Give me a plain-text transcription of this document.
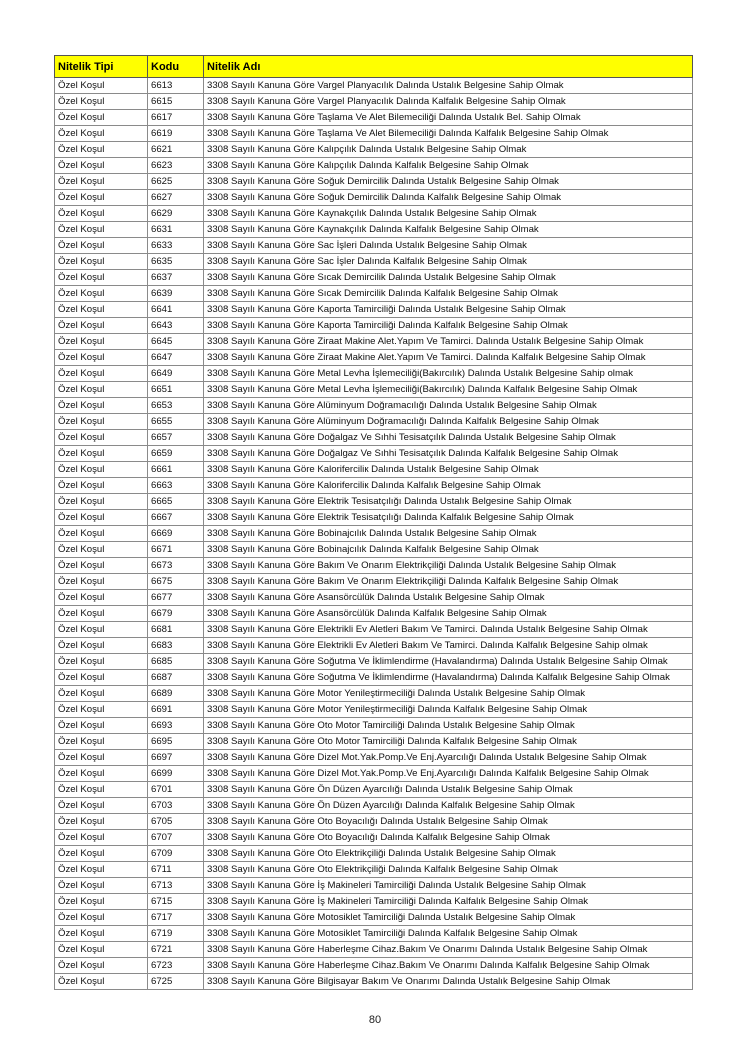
Nitelik Tipi	Kodu	Nitelik Adı
Özel Koşul	6613	3308 Sayılı Kanuna Göre Vargel Planyacılık Dalında Ustalık Belgesine Sahip Olmak
Özel Koşul	6615	3308 Sayılı Kanuna Göre Vargel Planyacılık Dalında Kalfalık Belgesine Sahip Olmak
Özel Koşul	6617	3308 Sayılı Kanuna Göre Taşlama Ve Alet Bilemeciliği Dalında Ustalık Bel. Sahip Olmak
Özel Koşul	6619	3308 Sayılı Kanuna Göre Taşlama Ve Alet Bilemeciliği Dalında Kalfalık Belgesine Sahip Olmak
Özel Koşul	6621	3308 Sayılı Kanuna Göre Kalıpçılık Dalında Ustalık Belgesine Sahip Olmak
Özel Koşul	6623	3308 Sayılı Kanuna Göre Kalıpçılık Dalında Kalfalık Belgesine Sahip Olmak
Özel Koşul	6625	3308 Sayılı Kanuna Göre Soğuk Demircilik Dalında Ustalık Belgesine Sahip Olmak
Özel Koşul	6627	3308 Sayılı Kanuna Göre Soğuk Demircilik Dalında Kalfalık Belgesine Sahip Olmak
Özel Koşul	6629	3308 Sayılı Kanuna Göre Kaynakçılık Dalında Ustalık Belgesine Sahip Olmak
Özel Koşul	6631	3308 Sayılı Kanuna Göre Kaynakçılık Dalında Kalfalık Belgesine Sahip Olmak
Özel Koşul	6633	3308 Sayılı Kanuna Göre Sac İşleri Dalında Ustalık Belgesine Sahip Olmak
Özel Koşul	6635	3308 Sayılı Kanuna Göre Sac İşler Dalında Kalfalık Belgesine Sahip Olmak
Özel Koşul	6637	3308 Sayılı Kanuna Göre Sıcak Demircilik Dalında Ustalık Belgesine Sahip Olmak
Özel Koşul	6639	3308 Sayılı Kanuna Göre Sıcak Demircilik Dalında Kalfalık Belgesine Sahip Olmak
Özel Koşul	6641	3308 Sayılı Kanuna Göre Kaporta Tamirciliği Dalında Ustalık Belgesine Sahip Olmak
Özel Koşul	6643	3308 Sayılı Kanuna Göre Kaporta Tamirciliği Dalında Kalfalık Belgesine Sahip Olmak
Özel Koşul	6645	3308 Sayılı Kanuna Göre Ziraat Makine Alet.Yapım Ve Tamirci. Dalında Ustalık Belgesine Sahip Olmak
Özel Koşul	6647	3308 Sayılı Kanuna Göre Ziraat Makine Alet.Yapım Ve Tamirci. Dalında Kalfalık Belgesine Sahip Olmak
Özel Koşul	6649	3308 Sayılı Kanuna Göre Metal Levha İşlemeciliği(Bakırcılık) Dalında Ustalık Belgesine Sahip olmak
Özel Koşul	6651	3308 Sayılı Kanuna Göre Metal Levha İşlemeciliği(Bakırcılık) Dalında Kalfalık Belgesine Sahip Olmak
Özel Koşul	6653	3308 Sayılı Kanuna Göre Alüminyum Doğramacılığı Dalında Ustalık Belgesine Sahip Olmak
Özel Koşul	6655	3308 Sayılı Kanuna Göre Alüminyum Doğramacılığı Dalında Kalfalık Belgesine Sahip Olmak
Özel Koşul	6657	3308 Sayılı Kanuna Göre Doğalgaz Ve Sıhhi Tesisatçılık Dalında Ustalık Belgesine Sahip Olmak
Özel Koşul	6659	3308 Sayılı Kanuna Göre Doğalgaz Ve Sıhhi Tesisatçılık Dalında Kalfalık Belgesine Sahip Olmak
Özel Koşul	6661	3308 Sayılı Kanuna Göre Kaloriferciliк Dalında Ustalık Belgesine Sahip Olmak
Özel Koşul	6663	3308 Sayılı Kanuna Göre Kaloriferciliк Dalında Kalfalık Belgesine Sahip Olmak
Özel Koşul	6665	3308 Sayılı Kanuna Göre Elektrik Tesisatçılığı Dalında Ustalık Belgesine Sahip Olmak
Özel Koşul	6667	3308 Sayılı Kanuna Göre Elektrik Tesisatçılığı Dalında Kalfalık Belgesine Sahip Olmak
Özel Koşul	6669	3308 Sayılı Kanuna Göre Bobinajcılık Dalında Ustalık Belgesine Sahip Olmak
Özel Koşul	6671	3308 Sayılı Kanuna Göre Bobinajcılık Dalında Kalfalık Belgesine Sahip Olmak
Özel Koşul	6673	3308 Sayılı Kanuna Göre Bakım Ve Onarım Elektrikçiliği Dalında Ustalık Belgesine Sahip Olmak
Özel Koşul	6675	3308 Sayılı Kanuna Göre Bakım Ve Onarım Elektrikçiliği Dalında Kalfalık Belgesine Sahip Olmak
Özel Koşul	6677	3308 Sayılı Kanuna Göre Asansörcülük Dalında Ustalık Belgesine Sahip Olmak
Özel Koşul	6679	3308 Sayılı Kanuna Göre Asansörcülük Dalında Kalfalık Belgesine Sahip Olmak
Özel Koşul	6681	3308 Sayılı Kanuna Göre Elektrikli Ev Aletleri Bakım Ve Tamirci. Dalında Ustalık Belgesine Sahip Olmak
Özel Koşul	6683	3308 Sayılı Kanuna Göre Elektrikli Ev Aletleri Bakım Ve Tamirci. Dalında Kalfalık Belgesine Sahip olmak
Özel Koşul	6685	3308 Sayılı Kanuna Göre Soğutma Ve İklimlendirme (Havalandırma) Dalında Ustalık Belgesine Sahip Olmak
Özel Koşul	6687	3308 Sayılı Kanuna Göre Soğutma Ve İklimlendirme (Havalandırma) Dalında Kalfalık Belgesine Sahip Olmak
Özel Koşul	6689	3308 Sayılı Kanuna Göre Motor Yenileştirmeciliği Dalında Ustalık Belgesine Sahip Olmak
Özel Koşul	6691	3308 Sayılı Kanuna Göre Motor Yenileştirmeciliği Dalında Kalfalık Belgesine Sahip Olmak
Özel Koşul	6693	3308 Sayılı Kanuna Göre Oto Motor Tamirciliği Dalında Ustalık Belgesine Sahip Olmak
Özel Koşul	6695	3308 Sayılı Kanuna Göre Oto Motor Tamirciliği Dalında Kalfalık Belgesine Sahip Olmak
Özel Koşul	6697	3308 Sayılı Kanuna Göre Dizel Mot.Yak.Pomp.Ve Enj.Ayarcılığı Dalında Ustalık Belgesine Sahip Olmak
Özel Koşul	6699	3308 Sayılı Kanuna Göre Dizel Mot.Yak.Pomp.Ve Enj.Ayarcılığı Dalında Kalfalık Belgesine Sahip Olmak
Özel Koşul	6701	3308 Sayılı Kanuna Göre Ön Düzen Ayarcılığı Dalında Ustalık Belgesine Sahip Olmak
Özel Koşul	6703	3308 Sayılı Kanuna Göre Ön Düzen Ayarcılığı Dalında Kalfalık Belgesine Sahip Olmak
Özel Koşul	6705	3308 Sayılı Kanuna Göre Oto Boyacılığı Dalında Ustalık Belgesine Sahip Olmak
Özel Koşul	6707	3308 Sayılı Kanuna Göre Oto Boyacılığı Dalında Kalfalık Belgesine Sahip Olmak
Özel Koşul	6709	3308 Sayılı Kanuna Göre Oto Elektrikçiliği Dalında Ustalık Belgesine Sahip Olmak
Özel Koşul	6711	3308 Sayılı Kanuna Göre Oto Elektrikçiliği Dalında Kalfalık Belgesine Sahip Olmak
Özel Koşul	6713	3308 Sayılı Kanuna Göre İş Makineleri Tamirciliği Dalında Ustalık Belgesine Sahip Olmak
Özel Koşul	6715	3308 Sayılı Kanuna Göre İş Makineleri Tamirciliği Dalında Kalfalık Belgesine Sahip Olmak
Özel Koşul	6717	3308 Sayılı Kanuna Göre Motosiklet Tamirciliği Dalında Ustalık Belgesine Sahip Olmak
Özel Koşul	6719	3308 Sayılı Kanuna Göre Motosiklet Tamirciliği Dalında Kalfalık Belgesine Sahip Olmak
Özel Koşul	6721	3308 Sayılı Kanuna Göre Haberleşme Cihaz.Bakım Ve Onarımı Dalında Ustalık Belgesine Sahip Olmak
Özel Koşul	6723	3308 Sayılı Kanuna Göre Haberleşme Cihaz.Bakım Ve Onarımı Dalında Kalfalık Belgesine Sahip Olmak
Özel Koşul	6725	3308 Sayılı Kanuna Göre Bilgisayar Bakım Ve Onarımı Dalında Ustalık Belgesine Sahip Olmak
80
